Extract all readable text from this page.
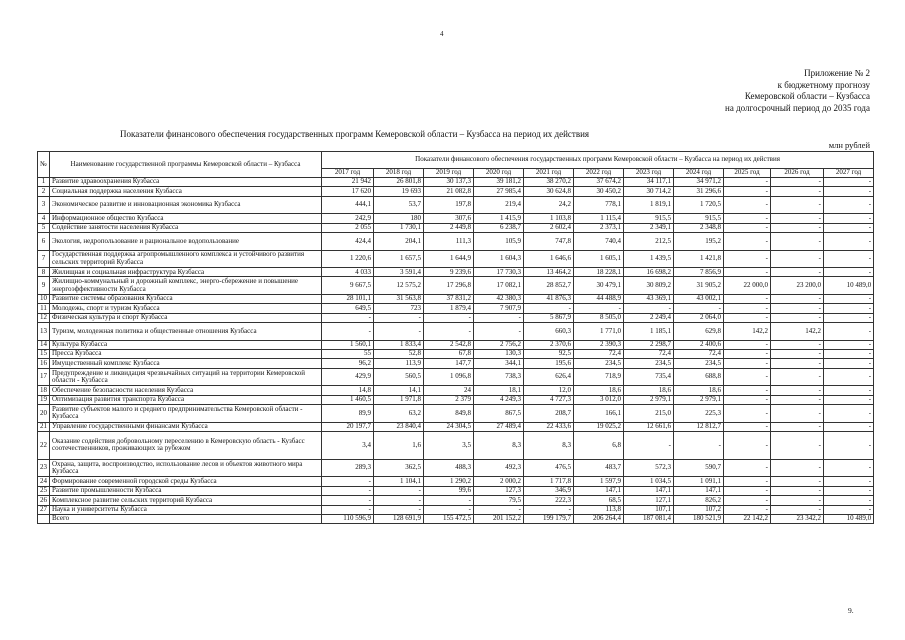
4
Приложение № 2
к бюджетному прогнозу
Кемеровской области – Кузбасса
на долгосрочный период до 2035 года
Показатели финансового обеспечения государственных программ Кемеровской области – Кузбасса на период их действия
млн рублей
№	Наименование государственной программы Кемеровской области – Кузбасса	Показатели финансового обеспечения государственных программ Кемеровской области – Кузбасса на период их действия										
		2017 год	2018 год	2019 год	2020 год	2021 год	2022 год	2023 год	2024 год	2025 год	2026 год	2027 год
1	Развитие здравоохранения Кузбасса	21 942	26 801,8	30 137,3	39 181,2	38 270,2	37 674,2	34 117,1	34 971,2	-	-	-
2	Социальная поддержка населения Кузбасса	17 620	19 693	21 082,8	27 985,4	30 624,8	30 450,2	30 714,2	31 296,6	-	-	-
3	Экономическое развитие и инновационная экономика Кузбасса	444,1	53,7	197,8	219,4	24,2	778,1	1 819,1	1 720,5	-	-	-
4	Информационное общество Кузбасса	242,9	180	307,6	1 415,9	1 103,8	1 115,4	915,5	915,5	-	-	-
5	Содействие занятости населения Кузбасса	2 055	1 730,1	2 449,8	6 238,7	2 602,4	2 373,1	2 349,1	2 348,8	-	-	-
6	Экология, недропользование и рациональное водопользование	424,4	204,1	111,3	105,9	747,8	740,4	212,5	195,2	-	-	-
7	Государственная поддержка агропромышленного комплекса и устойчивого развития сельских территорий Кузбасса	1 220,6	1 657,5	1 644,9	1 604,3	1 646,6	1 605,1	1 439,5	1 421,8	-	-	-
8	Жилищная и социальная инфраструктура Кузбасса	4 033	3 591,4	9 239,6	17 730,3	13 464,2	18 228,1	16 698,2	7 856,9	-	-	-
9	Жилищно-коммунальный и дорожный комплекс, энерго-сбережение и повышение энергоэффективности Кузбасса	9 667,5	12 575,2	17 296,8	17 082,1	28 852,7	30 479,1	30 809,2	31 905,2	22 000,0	23 200,0	10 489,0
10	Развитие системы образования Кузбасса	28 101,1	31 563,8	37 831,2	42 380,3	41 876,3	44 488,9	43 369,1	43 002,1	-	-	-
11	Молодежь, спорт и туризм Кузбасса	649,5	723	1 879,4	7 907,9	-	-	-	-	-	-	-
12	Физическая культура и спорт Кузбасса	-	-	-	-	5 867,9	8 505,0	2 249,4	2 064,0	-	-	-
13	Туризм, молодежная политика и общественные отношения Кузбасса	-	-	-	-	660,3	1 771,0	1 185,1	629,8	142,2	142,2	-
14	Культура Кузбасса	1 560,1	1 833,4	2 542,8	2 756,2	2 370,6	2 390,3	2 298,7	2 400,6	-	-	-
15	Пресса Кузбасса	55	52,8	67,8	130,3	92,5	72,4	72,4	72,4	-	-	-
16	Имущественный комплекс Кузбасса	96,2	113,9	147,7	344,1	195,6	234,5	234,5	234,5	-	-	-
17	Предупреждение и ликвидация чрезвычайных ситуаций на территории Кемеровской области - Кузбасса	429,9	560,5	1 096,8	738,3	626,4	718,9	735,4	688,8	-	-	-
18	Обеспечение безопасности населения Кузбасса	14,8	14,1	24	18,1	12,0	18,6	18,6	18,6	-	-	-
19	Оптимизация развития транспорта Кузбасса	1 460,5	1 971,8	2 379	4 249,3	4 727,3	3 012,0	2 979,1	2 979,1	-	-	-
20	Развитие субъектов малого и среднего предпринимательства Кемеровской области - Кузбасса	89,9	63,2	849,8	867,5	208,7	166,1	215,0	225,3	-	-	-
21	Управление государственными финансами Кузбасса	20 197,7	23 840,4	24 304,5	27 489,4	22 433,6	19 025,2	12 661,6	12 812,7	-	-	-
22	Оказание содействия добровольному переселению в Кемеровскую область - Кузбасс соотечественников, проживающих за рубежом	3,4	1,6	3,5	8,3	8,3	6,8	-	-	-	-	-
23	Охрана, защита, воспроизводство, использование лесов и объектов животного мира Кузбасса	289,3	362,5	488,3	492,3	476,5	483,7	572,3	590,7	-	-	-
24	Формирование современной городской среды Кузбасса	-	1 104,1	1 290,2	2 000,2	1 717,8	1 597,9	1 034,5	1 091,1	-	-	-
25	Развитие промышленности Кузбасса	-	-	99,6	127,3	346,9	147,1	147,1	147,1	-	-	-
26	Комплексное развитие сельских территорий Кузбасса	-	-	-	79,5	222,3	68,5	127,1	826,2	-	-	-
27	Наука и университеты Кузбасса	-	-	-	-	-	113,8	107,1	107,2	-	-	-
	Всего	110 596,9	128 691,9	155 472,5	201 152,2	199 179,7	206 264,4	187 081,4	180 521,9	22 142,2	23 342,2	10 489,0
9.
